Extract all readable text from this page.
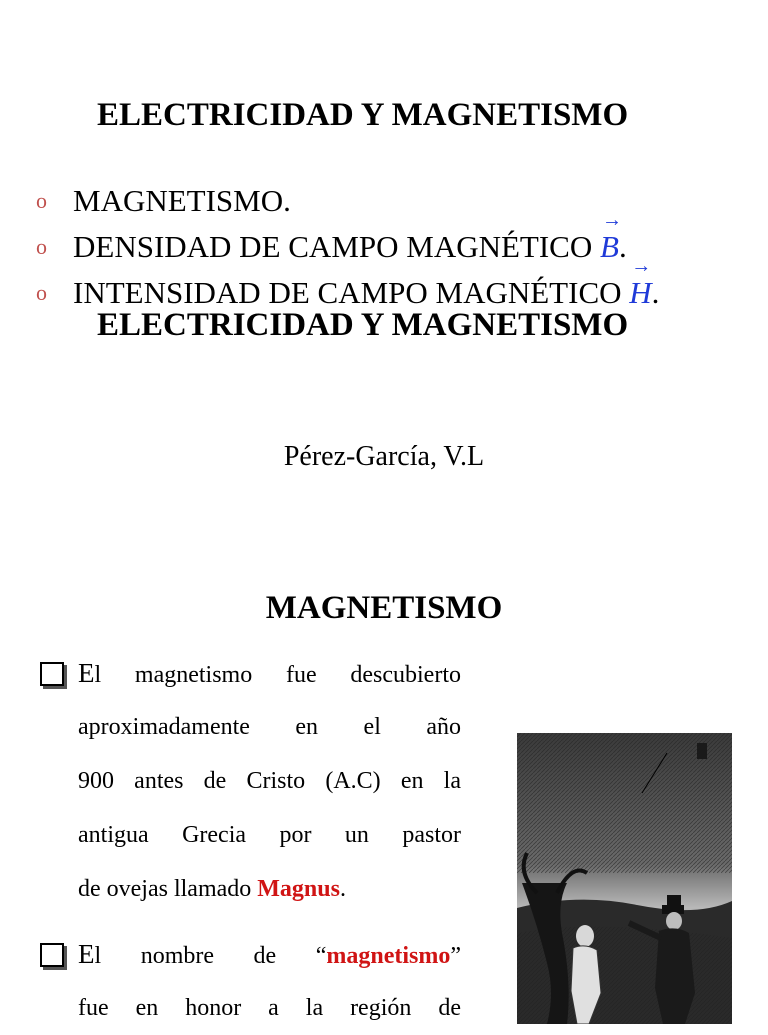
ELECTRICIDAD Y MAGNETISMO
o MAGNETISMO.
o DENSIDAD DE CAMPO MAGNÉTICO → B.
o INTENSIDAD DE CAMPO MAGNÉTICO → H.
ELECTRICIDAD Y MAGNETISMO
Pérez-García, V.L
MAGNETISMO
El magnetismo fue descubierto
aproximadamente en el año
900 antes de Cristo (A.C) en la
antigua Grecia por un pastor
de ovejas llamado Magnus.
El nombre de “magnetismo”
fue en honor a la región de
